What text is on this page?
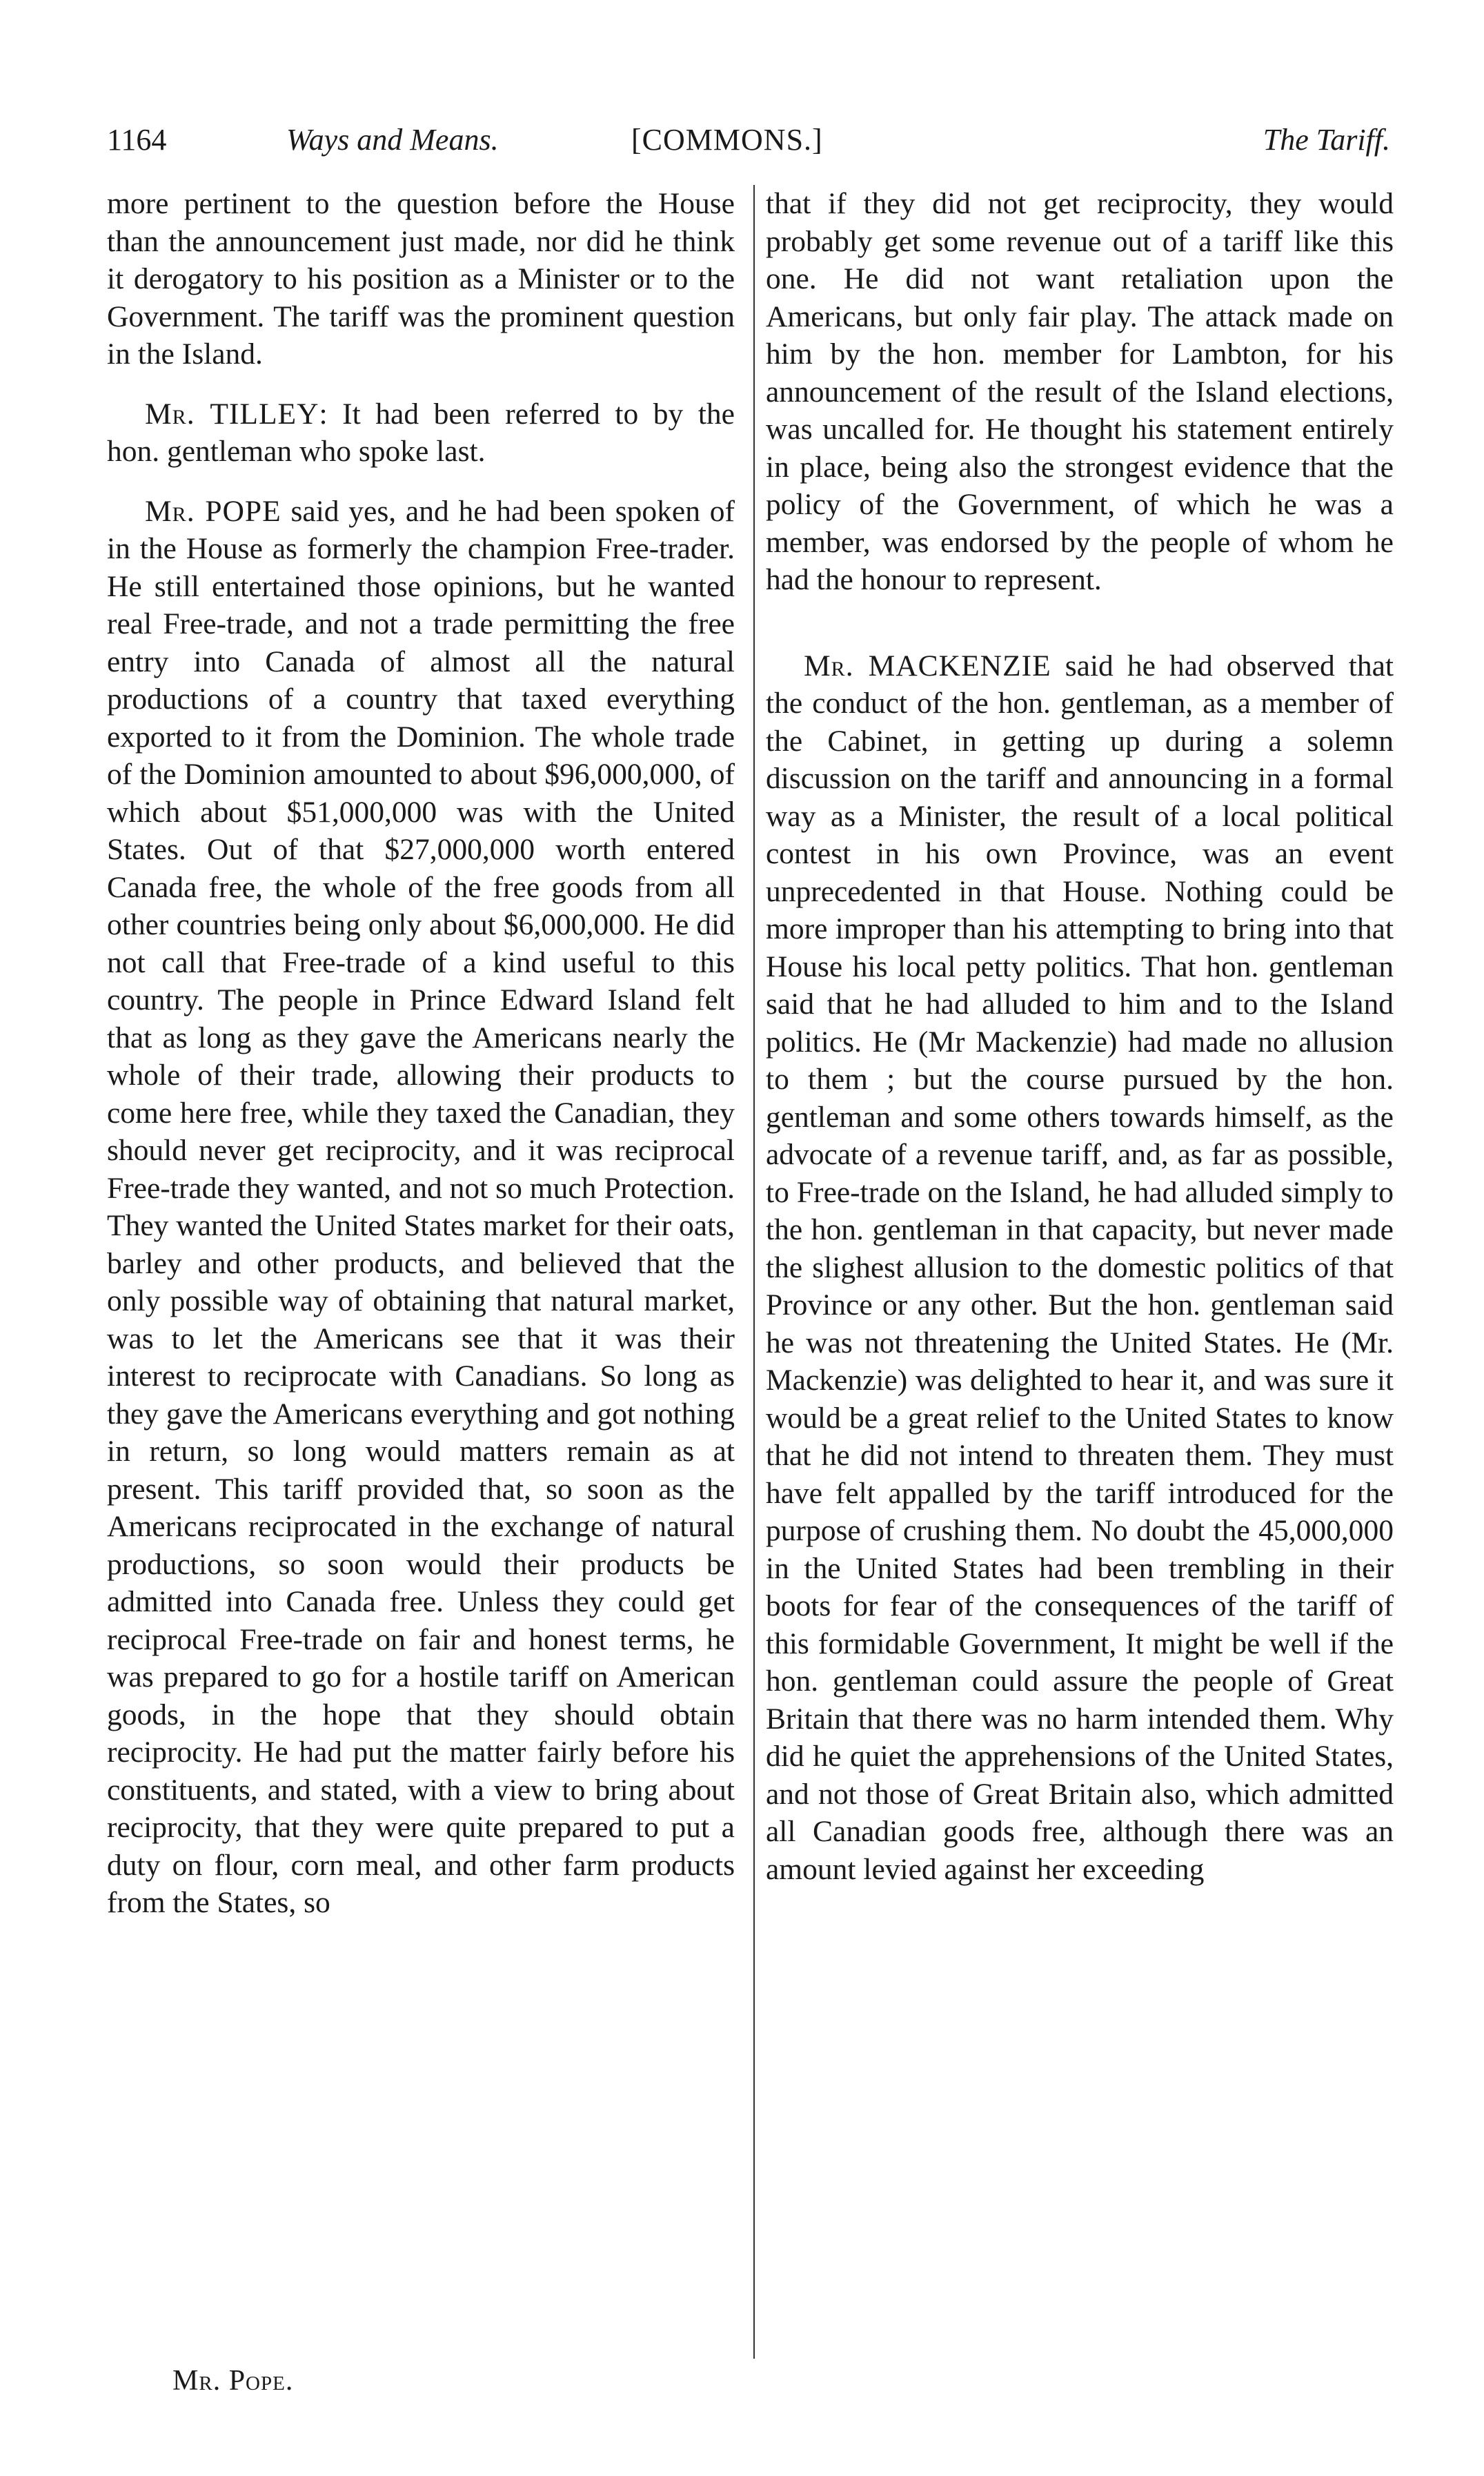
1164	Ways and Means.	[COMMONS.]	The Tariff.

more pertinent to the question before the House than the announcement just made, nor did he think it derogatory to his position as a Minister or to the Government. The tariff was the prominent question in the Island.

Mr. TILLEY: It had been referred to by the hon. gentleman who spoke last.

Mr. POPE said yes, and he had been spoken of in the House as formerly the champion Free-trader. He still entertained those opinions, but he wanted real Free-trade, and not a trade permitting the free entry into Canada of almost all the natural productions of a country that taxed everything exported to it from the Dominion. The whole trade of the Dominion amounted to about $96,000,000, of which about $51,000,000 was with the United States. Out of that $27,000,000 worth entered Canada free, the whole of the free goods from all other countries being only about $6,000,000. He did not call that Free-trade of a kind useful to this country. The people in Prince Edward Island felt that as long as they gave the Americans nearly the whole of their trade, allowing their products to come here free, while they taxed the Canadian, they should never get reciprocity, and it was reciprocal Free-trade they wanted, and not so much Protection. They wanted the United States market for their oats, barley and other products, and believed that the only possible way of obtaining that natural market, was to let the Americans see that it was their interest to reciprocate with Canadians. So long as they gave the Americans everything and got nothing in return, so long would matters remain as at present. This tariff provided that, so soon as the Americans reciprocated in the exchange of natural productions, so soon would their products be admitted into Canada free. Unless they could get reciprocal Free-trade on fair and honest terms, he was prepared to go for a hostile tariff on American goods, in the hope that they should obtain reciprocity. He had put the matter fairly before his constituents, and stated, with a view to bring about reciprocity, that they were quite prepared to put a duty on flour, corn meal, and other farm products from the States, so

that if they did not get reciprocity, they would probably get some revenue out of a tariff like this one. He did not want retaliation upon the Americans, but only fair play. The attack made on him by the hon. member for Lambton, for his announcement of the result of the Island elections, was uncalled for. He thought his statement entirely in place, being also the strongest evidence that the policy of the Government, of which he was a member, was endorsed by the people of whom he had the honour to represent.

Mr. MACKENZIE said he had observed that the conduct of the hon. gentleman, as a member of the Cabinet, in getting up during a solemn discussion on the tariff and announcing in a formal way as a Minister, the result of a local political contest in his own Province, was an event unprecedented in that House. Nothing could be more improper than his attempting to bring into that House his local petty politics. That hon. gentleman said that he had alluded to him and to the Island politics. He (Mr Mackenzie) had made no allusion to them ; but the course pursued by the hon. gentleman and some others towards himself, as the advocate of a revenue tariff, and, as far as possible, to Free-trade on the Island, he had alluded simply to the hon. gentleman in that capacity, but never made the slighest allusion to the domestic politics of that Province or any other. But the hon. gentleman said he was not threatening the United States. He (Mr. Mackenzie) was delighted to hear it, and was sure it would be a great relief to the United States to know that he did not intend to threaten them. They must have felt appalled by the tariff introduced for the purpose of crushing them. No doubt the 45,000,000 in the United States had been trembling in their boots for fear of the consequences of the tariff of this formidable Government, It might be well if the hon. gentleman could assure the people of Great Britain that there was no harm intended them. Why did he quiet the apprehensions of the United States, and not those of Great Britain also, which admitted all Canadian goods free, although there was an amount levied against her exceeding

Mr. Pope.
